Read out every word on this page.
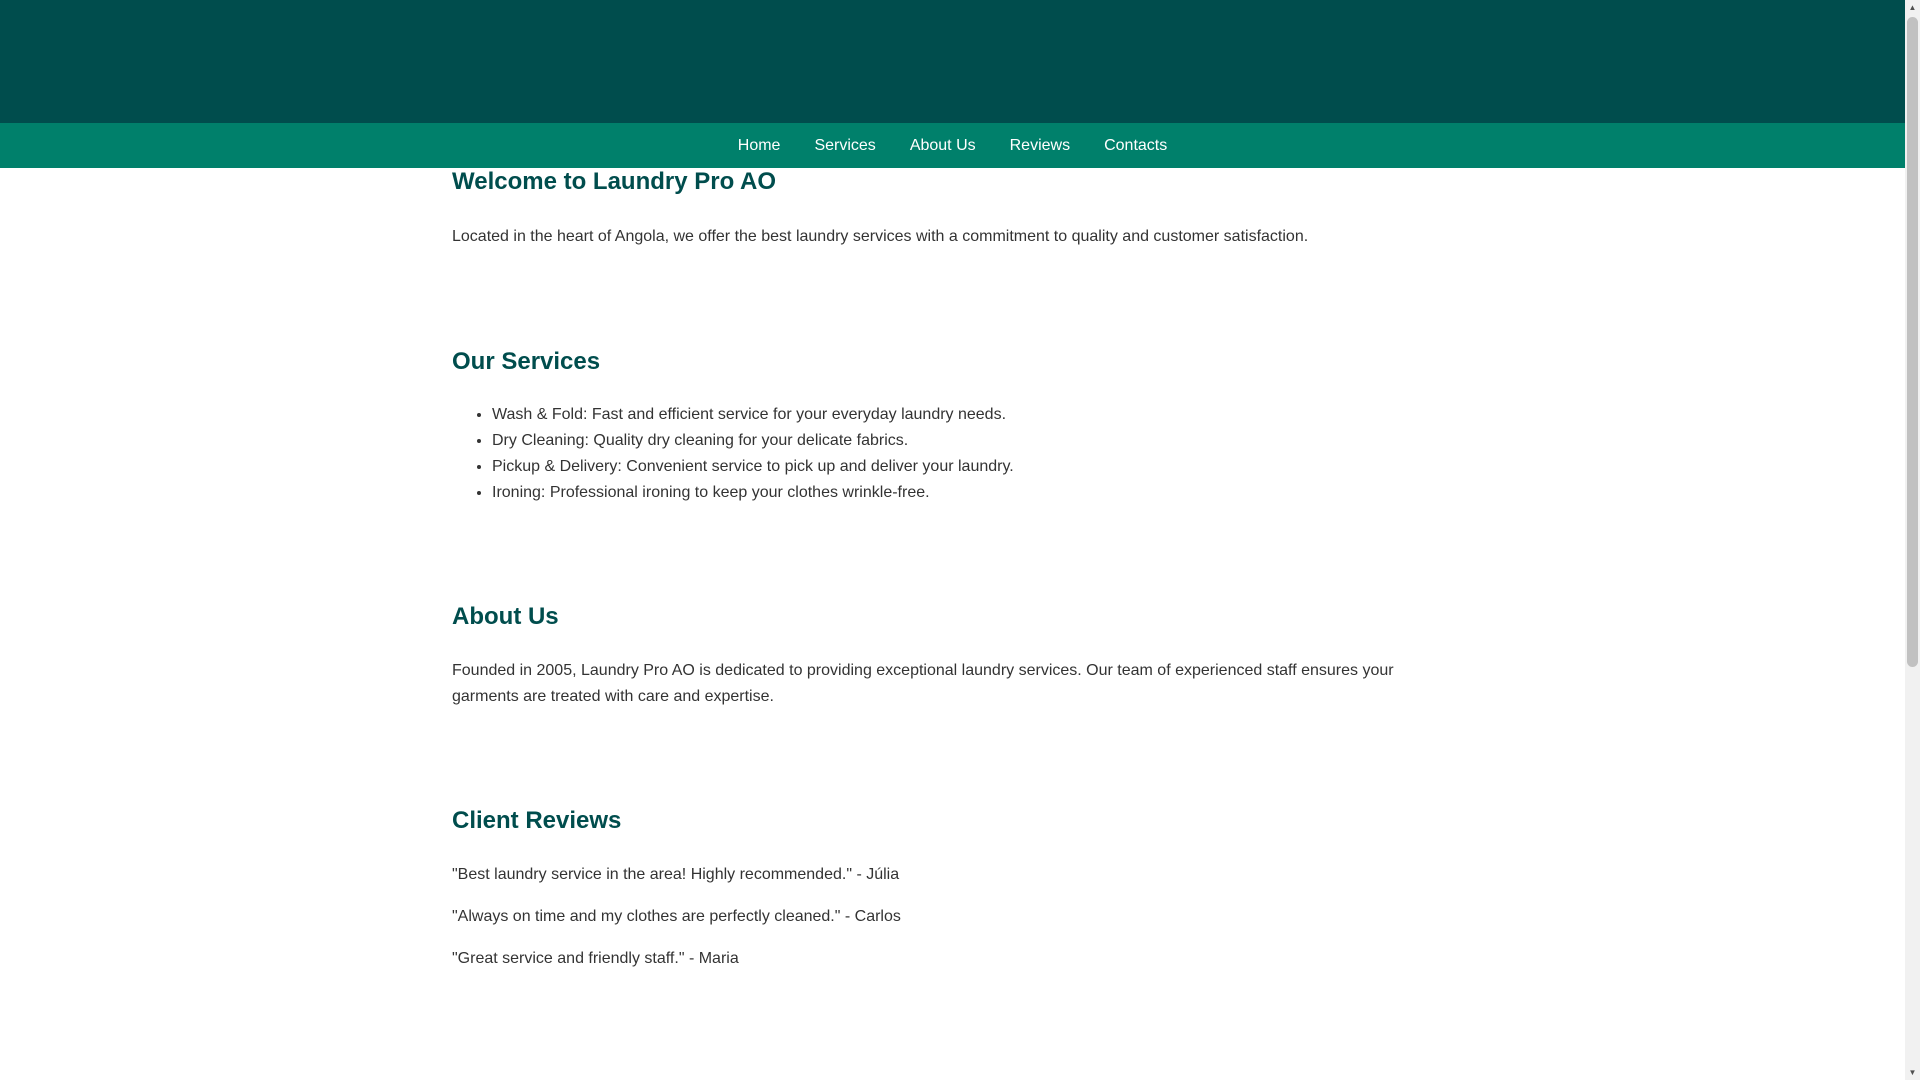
Home	Services	About Us	Reviews	Contacts
Welcome to Laundry Pro AO

Located in the heart of Angola, we offer the best laundry services with a commitment to quality and customer satisfaction.

Our Services
• Wash & Fold: Fast and efficient service for your everyday laundry needs.
• Dry Cleaning: Quality dry cleaning for your delicate fabrics.
• Pickup & Delivery: Convenient service to pick up and deliver your laundry.
• Ironing: Professional ironing to keep your clothes wrinkle-free.
About Us

Founded in 2005, Laundry Pro AO is dedicated to providing exceptional laundry services. Our team of experienced staff ensures your garments are treated with care and expertise.

Client Reviews

"Best laundry service in the area! Highly recommended." - Júlia

"Always on time and my clothes are perfectly cleaned." - Carlos

"Great service and friendly staff." - Maria

▲
▼
